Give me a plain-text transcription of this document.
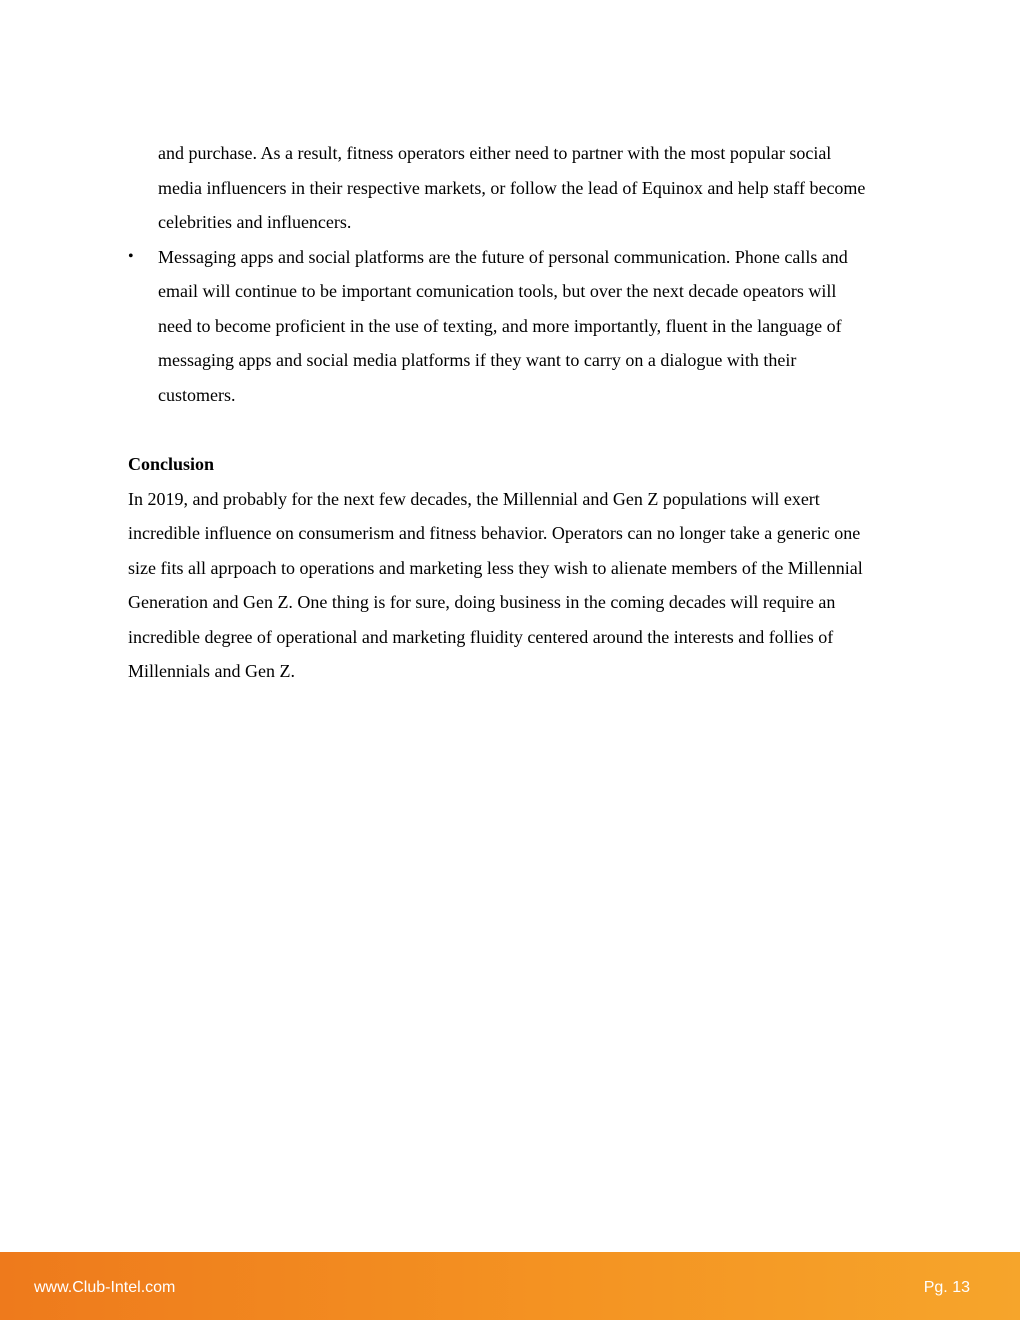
and purchase. As a result, fitness operators either need to partner with the most popular social media influencers in their respective markets, or follow the lead of Equinox and help staff become celebrities and influencers.

•	Messaging apps and social platforms are the future of personal communication. Phone calls and email will continue to be important comunication tools, but over the next decade opeators will need to become proficient in the use of texting, and more importantly, fluent in the language of messaging apps and social media platforms if they want to carry on a dialogue with their customers.
Conclusion

In 2019, and probably for the next few decades, the Millennial and Gen Z populations will exert incredible influence on consumerism and fitness behavior. Operators can no longer take a generic one size fits all aprpoach to operations and marketing less they wish to alienate members of the Millennial Generation and Gen Z. One thing is for sure, doing business in the coming decades will require an incredible degree of operational and marketing fluidity centered around the interests and follies of Millennials and Gen Z.

www.Club-Intel.com	Pg. 13
